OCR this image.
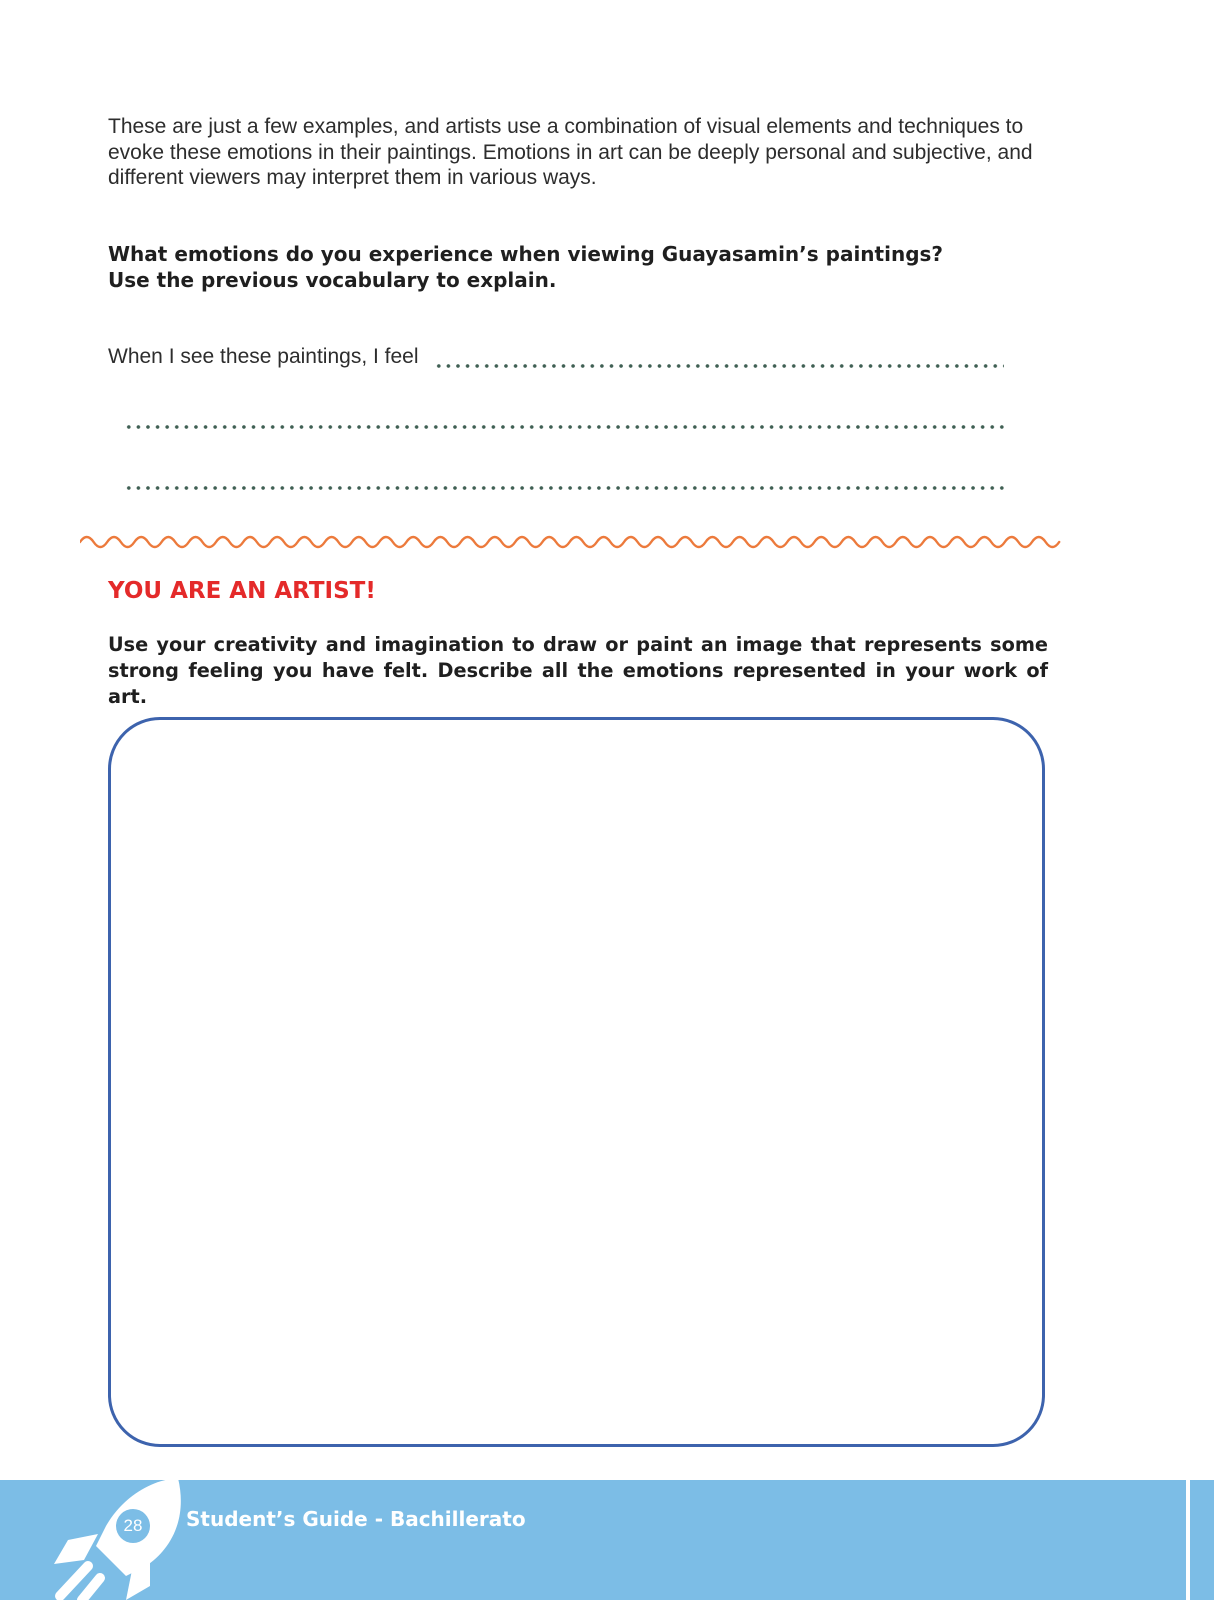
These are just a few examples, and artists use a combination of visual elements and techniques to evoke these emotions in their paintings. Emotions in art can be deeply personal and subjective, and different viewers may interpret them in various ways.

What emotions do you experience when viewing Guayasamin’s paintings?
Use the previous vocabulary to explain.
When I see these paintings, I feel
YOU ARE AN ARTIST!

Use your creativity and imagination to draw or paint an image that represents some strong feeling you have felt. Describe all the emotions represented in your work of art.

28	Student’s Guide - Bachillerato
